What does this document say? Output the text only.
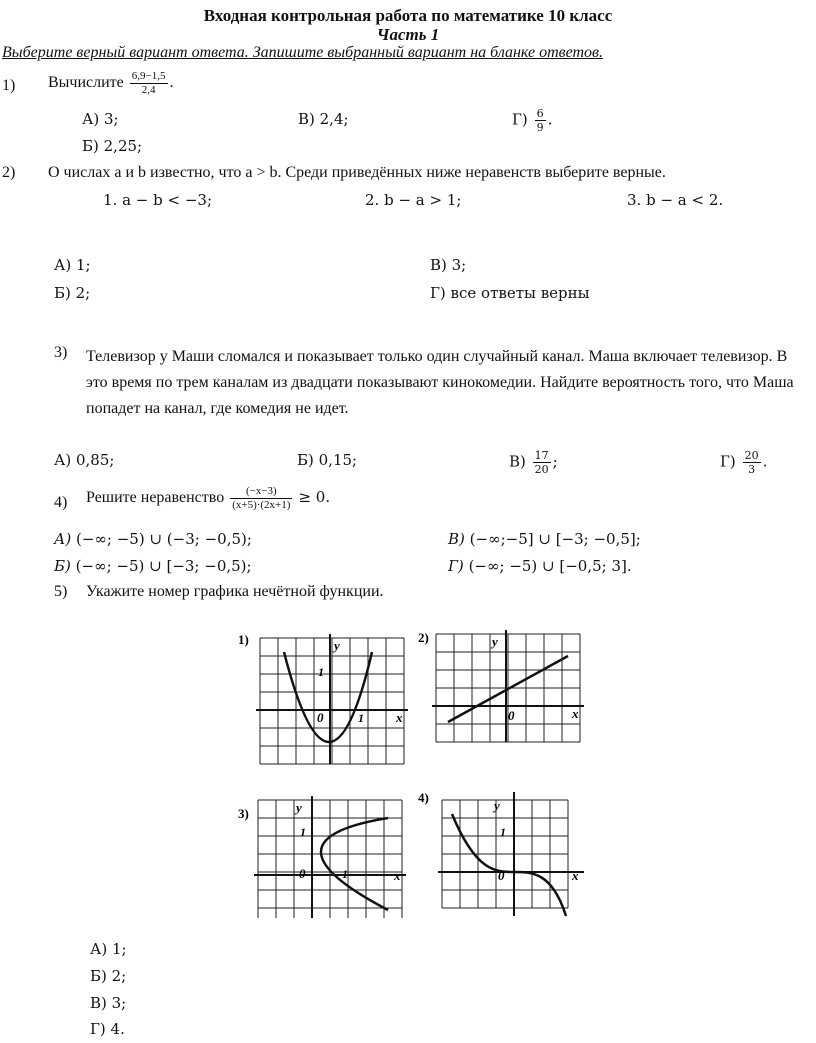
Входная контрольная работа по математике 10 класс
Часть 1
Выберите верный вариант ответа. Запишите выбранный вариант на бланке ответов.
1) Вычислите $\frac{6,9-1,5}{2,4}$ .
А) 3;	В) 2,4;	$Г) \frac{6}{9}$ .
Б) 2,25;
2) О числах a и b известно, что a > b. Среди приведённых ниже неравенств выберите верные.
1. a − b < −3;	2. b − a > 1;	3. b − a < 2.
А) 1;	В) 3;
Б) 2;	Г) все ответы верны
3) Телевизор у Маши сломался и показывает только один случайный канал. Маша включает телевизор. В это время по трем каналам из двадцати показывают кинокомедии. Найдите вероятность того, что Маша попадет на канал, где комедия не идет.
А) 0,85;	Б) 0,15;	$В) \frac{17}{20}$ ;	$Г) \frac{20}{3}$ .
4) Решите неравенство $\frac{(-x-3)}{(x+5)\cdot(2x+1)} \ge 0$.
А) (−∞; −5) ∪ (−3; −0,5);	В) (−∞;−5] ∪ [−3; −0,5];
Б) (−∞; −5) ∪ [−3; −0,5);	Г) (−∞; −5) ∪ [−0,5; 3].
5) Укажите номер графика нечётной функции.
1)	y
x
0
1
1
2)	y
x
0
3)	y
x
0
1
1
4)
y
x
0
1
А) 1;
Б) 2;
В) 3;
Г) 4.
